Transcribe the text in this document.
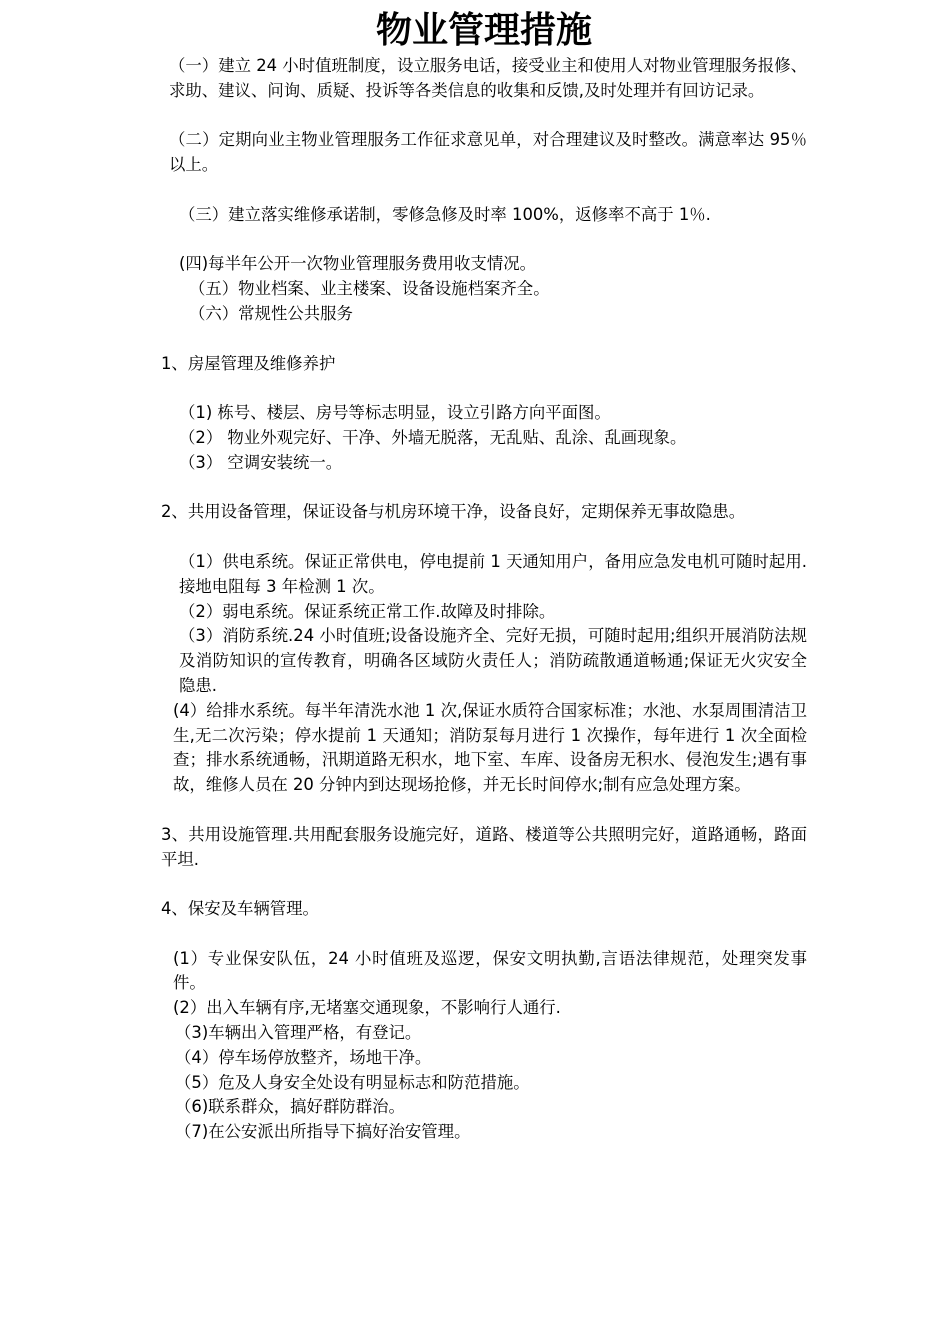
物业管理措施

（一）建立 24 小时值班制度，设立服务电话，接受业主和使用人对物业管理服务报修、求助、建议、问询、质疑、投诉等各类信息的收集和反馈,及时处理并有回访记录。

（二）定期向业主物业管理服务工作征求意见单，对合理建议及时整改。满意率达 95％以上。

（三）建立落实维修承诺制，零修急修及时率 100%，返修率不高于 1％.

(四)每半年公开一次物业管理服务费用收支情况。

（五）物业档案、业主楼案、设备设施档案齐全。

（六）常规性公共服务

1、房屋管理及维修养护

（1) 栋号、楼层、房号等标志明显，设立引路方向平面图。

（2） 物业外观完好、干净、外墙无脱落，无乱贴、乱涂、乱画现象。

（3） 空调安装统一。

2、共用设备管理，保证设备与机房环境干净，设备良好，定期保养无事故隐患。

（1）供电系统。保证正常供电，停电提前 1 天通知用户，备用应急发电机可随时起用.接地电阻每 3 年检测 1 次。

（2）弱电系统。保证系统正常工作.故障及时排除。

（3）消防系统.24 小时值班;设备设施齐全、完好无损，可随时起用;组织开展消防法规及消防知识的宣传教育，明确各区域防火责任人；消防疏散通道畅通;保证无火灾安全隐患.

(4）给排水系统。每半年清洗水池 1 次,保证水质符合国家标准；水池、水泵周围清洁卫生,无二次污染；停水提前 1 天通知；消防泵每月进行 1 次操作，每年进行 1 次全面检查；排水系统通畅，汛期道路无积水，地下室、车库、设备房无积水、侵泡发生;遇有事故，维修人员在 20 分钟内到达现场抢修，并无长时间停水;制有应急处理方案。

3、共用设施管理.共用配套服务设施完好，道路、楼道等公共照明完好，道路通畅，路面平坦.

4、保安及车辆管理。

(1）专业保安队伍，24 小时值班及巡逻，保安文明执勤,言语法律规范，处理突发事件。

(2）出入车辆有序,无堵塞交通现象，不影响行人通行.

（3)车辆出入管理严格，有登记。

（4）停车场停放整齐，场地干净。

（5）危及人身安全处设有明显标志和防范措施。

（6)联系群众，搞好群防群治。

（7)在公安派出所指导下搞好治安管理。
